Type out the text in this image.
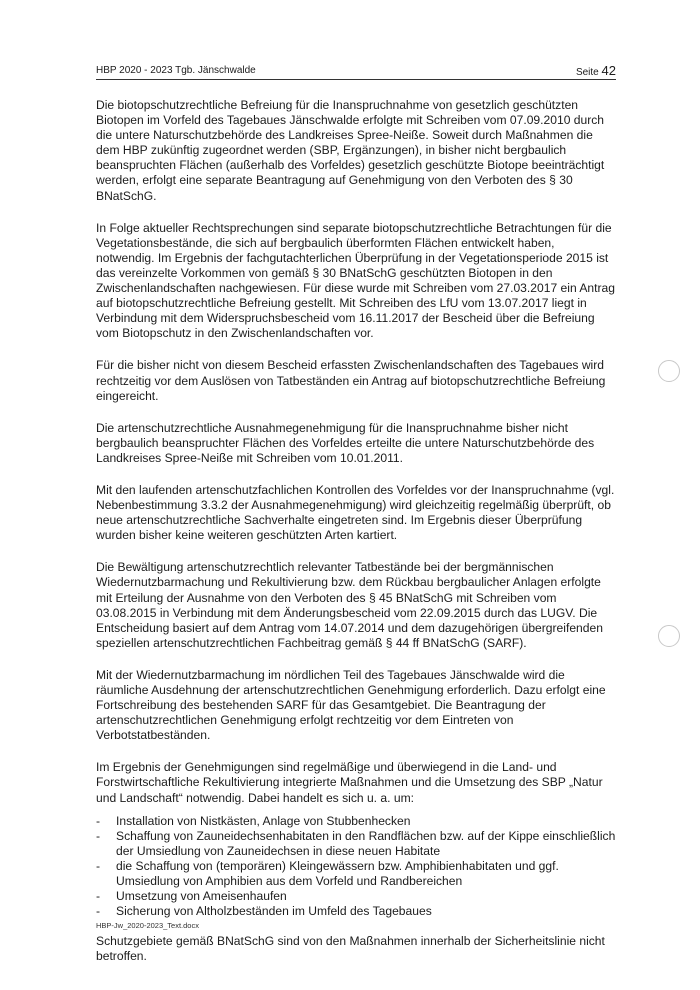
HBP 2020 - 2023 Tgb. Jänschwalde	Seite 42

Die biotopschutzrechtliche Befreiung für die Inanspruchnahme von gesetzlich geschützten Biotopen im Vorfeld des Tagebaues Jänschwalde erfolgte mit Schreiben vom 07.09.2010 durch die untere Naturschutzbehörde des Landkreises Spree-Neiße. Soweit durch Maßnahmen die dem HBP zukünftig zugeordnet werden (SBP, Ergänzungen), in bisher nicht bergbaulich beanspruchten Flächen (außerhalb des Vorfeldes) gesetzlich geschützte Biotope beeinträchtigt werden, erfolgt eine separate Beantragung auf Genehmigung von den Verboten des § 30 BNatSchG.

In Folge aktueller Rechtsprechungen sind separate biotopschutzrechtliche Betrachtungen für die Vegetationsbestände, die sich auf bergbaulich überformten Flächen entwickelt haben, notwendig. Im Ergebnis der fachgutachterlichen Überprüfung in der Vegetationsperiode 2015 ist das vereinzelte Vorkommen von gemäß § 30 BNatSchG geschützten Biotopen in den Zwischenlandschaften nachgewiesen. Für diese wurde mit Schreiben vom 27.03.2017 ein Antrag auf biotopschutzrechtliche Befreiung gestellt. Mit Schreiben des LfU vom 13.07.2017 liegt in Verbindung mit dem Widerspruchsbescheid vom 16.11.2017 der Bescheid über die Befreiung vom Biotopschutz in den Zwischenlandschaften vor.

Für die bisher nicht von diesem Bescheid erfassten Zwischenlandschaften des Tagebaues wird rechtzeitig vor dem Auslösen von Tatbeständen ein Antrag auf biotopschutzrechtliche Befreiung eingereicht.

Die artenschutzrechtliche Ausnahmegenehmigung für die Inanspruchnahme bisher nicht bergbaulich beanspruchter Flächen des Vorfeldes erteilte die untere Naturschutzbehörde des Landkreises Spree-Neiße mit Schreiben vom 10.01.2011.

Mit den laufenden artenschutzfachlichen Kontrollen des Vorfeldes vor der Inanspruchnahme (vgl. Nebenbestimmung 3.3.2 der Ausnahmegenehmigung) wird gleichzeitig regelmäßig überprüft, ob neue artenschutzrechtliche Sachverhalte eingetreten sind. Im Ergebnis dieser Überprüfung wurden bisher keine weiteren geschützten Arten kartiert.

Die Bewältigung artenschutzrechtlich relevanter Tatbestände bei der bergmännischen Wiedernutzbarmachung und Rekultivierung bzw. dem Rückbau bergbaulicher Anlagen erfolgte mit Erteilung der Ausnahme von den Verboten des § 45 BNatSchG mit Schreiben vom 03.08.2015 in Verbindung mit dem Änderungsbescheid vom 22.09.2015 durch das LUGV. Die Entscheidung basiert auf dem Antrag vom 14.07.2014 und dem dazugehörigen übergreifenden speziellen artenschutzrechtlichen Fachbeitrag gemäß § 44 ff BNatSchG (SARF).

Mit der Wiedernutzbarmachung im nördlichen Teil des Tagebaues Jänschwalde wird die räumliche Ausdehnung der artenschutzrechtlichen Genehmigung erforderlich. Dazu erfolgt eine Fortschreibung des bestehenden SARF für das Gesamtgebiet. Die Beantragung der artenschutzrechtlichen Genehmigung erfolgt rechtzeitig vor dem Eintreten von Verbotstatbeständen.

Im Ergebnis der Genehmigungen sind regelmäßige und überwiegend in die Land- und Forstwirtschaftliche Rekultivierung integrierte Maßnahmen und die Umsetzung des SBP „Natur und Landschaft“ notwendig. Dabei handelt es sich u. a. um:

- Installation von Nistkästen, Anlage von Stubbenhecken
- Schaffung von Zauneidechsenhabitaten in den Randflächen bzw. auf der Kippe einschließlich der Umsiedlung von Zauneidechsen in diese neuen Habitate
- die Schaffung von (temporären) Kleingewässern bzw. Amphibienhabitaten und ggf. Umsiedlung von Amphibien aus dem Vorfeld und Randbereichen
- Umsetzung von Ameisenhaufen
- Sicherung von Altholzbeständen im Umfeld des Tagebaues

Schutzgebiete gemäß BNatSchG sind von den Maßnahmen innerhalb der Sicherheitslinie nicht betroffen.

HBP-Jw_2020-2023_Text.docx
